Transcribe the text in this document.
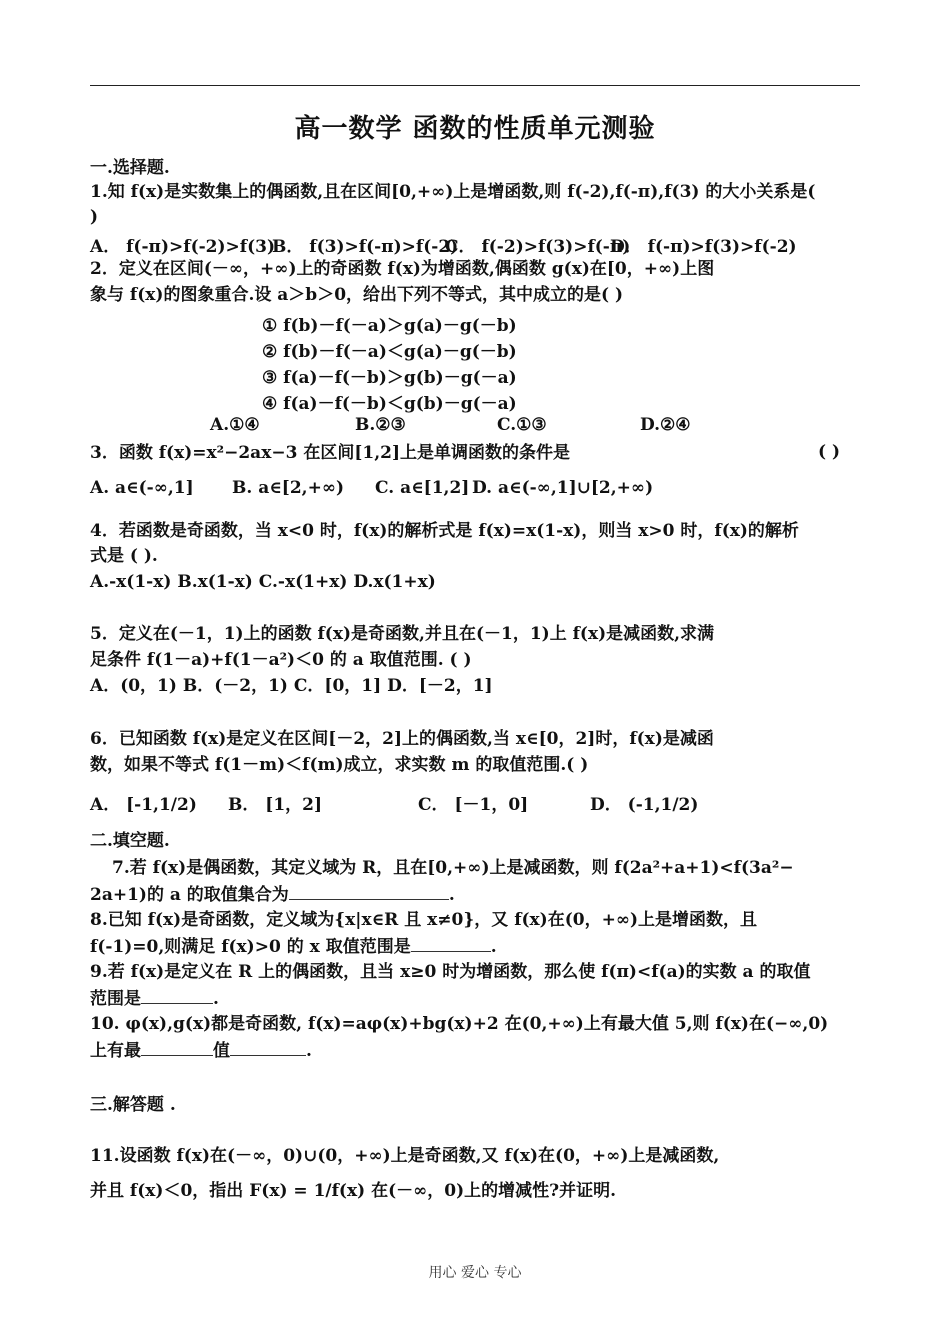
高一数学 函数的性质单元测验
一.选择题.
1.知 f(x)是实数集上的偶函数,且在区间[0,+∞)上是增函数,则 f(-2),f(-π),f(3) 的大小关系是(
)
A． f(-π)>f(-2)>f(3)
B． f(3)>f(-π)>f(-2)
C． f(-2)>f(3)>f(-π)
D． f(-π)>f(3)>f(-2)
2．定义在区间(－∞，+∞)上的奇函数 f(x)为增函数,偶函数 g(x)在[0，+∞)上图
象与 f(x)的图象重合.设 a＞b＞0，给出下列不等式，其中成立的是( )
① f(b)－f(－a)＞g(a)－g(－b)
② f(b)－f(－a)＜g(a)－g(－b)
③ f(a)－f(－b)＞g(b)－g(－a)
④ f(a)－f(－b)＜g(b)－g(－a)
A.①④	B.②③	C.①③	D.②④
3．函数 f(x)=x²−2ax−3 在区间[1,2]上是单调函数的条件是	( )
A. a∈(-∞,1] B. a∈[2,+∞) C. a∈[1,2] D. a∈(-∞,1]∪[2,+∞)
4．若函数是奇函数，当 x<0 时，f(x)的解析式是 f(x)=x(1-x)，则当 x>0 时，f(x)的解析
式是 ( ).
A.-x(1-x) B.x(1-x) C.-x(1+x) D.x(1+x)
5．定义在(－1，1)上的函数 f(x)是奇函数,并且在(－1，1)上 f(x)是减函数,求满
足条件 f(1－a)+f(1－a²)＜0 的 a 取值范围. ( )
A．(0，1) B．(－2，1) C．[0，1] D．[－2，1]
6．已知函数 f(x)是定义在区间[－2，2]上的偶函数,当 x∈[0，2]时，f(x)是减函
数，如果不等式 f(1－m)＜f(m)成立，求实数 m 的取值范围.( )
A． [-1,1/2) B． [1，2]	C． [－1，0]	D． (-1,1/2)
二.填空题.
7.若 f(x)是偶函数，其定义域为 R，且在[0,+∞)上是减函数，则 f(2a²+a+1)<f(3a²−
2a+1)的 a 的取值集合为	.
8.已知 f(x)是奇函数，定义域为{x|x∈R 且 x≠0}，又 f(x)在(0，+∞)上是增函数，且
f(-1)=0,则满足 f(x)>0 的 x 取值范围是	.
9.若 f(x)是定义在 R 上的偶函数，且当 x≥0 时为增函数，那么使 f(π)<f(a)的实数 a 的取值
范围是	.
10. φ(x),g(x)都是奇函数, f(x)=aφ(x)+bg(x)+2 在(0,+∞)上有最大值 5,则 f(x)在(−∞,0)
上有最	值	.
三.解答题 .
11.设函数 f(x)在(－∞，0)∪(0，+∞)上是奇函数,又 f(x)在(0，+∞)上是减函数,
并且 f(x)＜0，指出 F(x) = 1/f(x) 在(－∞，0)上的增减性?并证明.
用心 爱心 专心
